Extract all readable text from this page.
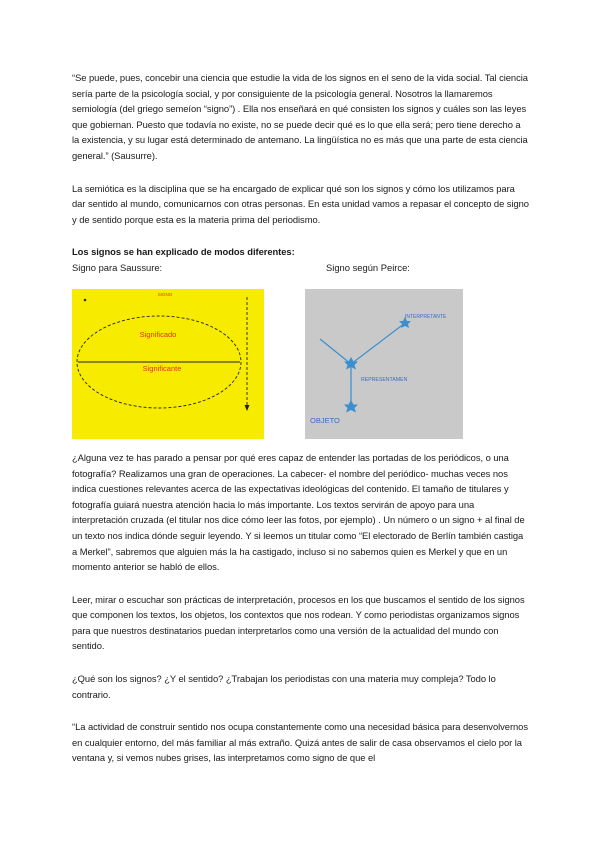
“Se puede, pues, concebir una ciencia que estudie la vida de los signos en el seno de la vida social. Tal ciencia sería parte de la psicología social, y por consiguiente de la psicología general. Nosotros la llamaremos semiología (del griego semeíon “signo”) . Ella nos enseñará en qué consisten los signos y cuáles son las leyes que gobiernan. Puesto que todavía no existe, no se puede decir qué es lo que ella será; pero tiene derecho a la existencia, y su lugar está determinado de antemano. La lingüística no es más que una parte de esta ciencia general.” (Sausurre).

La semiótica es la disciplina que se ha encargado de explicar qué son los signos y cómo los utilizamos para dar sentido al mundo, comunicarnos con otras personas. En esta unidad vamos a repasar el concepto de signo y de sentido porque esta es la materia prima del periodismo.

Los signos se han explicado de modos diferentes:

Signo para Saussure:	Signo según Peirce:
SIGNO
Significado
Significante
INTERPRETANTE
REPRESENTAMEN
OBJETO

¿Alguna vez te has parado a pensar por qué eres capaz de entender las portadas de los periódicos, o una fotografía? Realizamos una gran de operaciones. La cabecer- el nombre del periódico- muchas veces nos indica cuestiones relevantes acerca de las expectativas ideológicas del contenido. El tamaño de titulares y fotografía guiará nuestra atención hacia lo más importante. Los textos servirán de apoyo para una interpretación cruzada (el titular nos dice cómo leer las fotos, por ejemplo) . Un número o un signo + al final de un texto nos indica dónde seguir leyendo. Y si leemos un titular como “El electorado de Berlín también castiga a Merkel”, sabremos que alguien más la ha castigado, incluso si no sabemos quien es Merkel y que en un momento anterior se habló de ellos.

Leer, mirar o escuchar son prácticas de interpretación, procesos en los que buscamos el sentido de los signos que componen los textos, los objetos, los contextos que nos rodean. Y como periodistas organizamos signos para que nuestros destinatarios puedan interpretarlos como una versión de la actualidad del mundo con sentido.

¿Qué son los signos? ¿Y el sentido? ¿Trabajan los periodistas con una materia muy compleja? Todo lo contrario.

“La actividad de construir sentido nos ocupa constantemente como una necesidad básica para desenvolvernos en cualquier entorno, del más familiar al más extraño. Quizá antes de salir de casa observamos el cielo por la ventana y, si vemos nubes grises, las interpretamos como signo de que el
